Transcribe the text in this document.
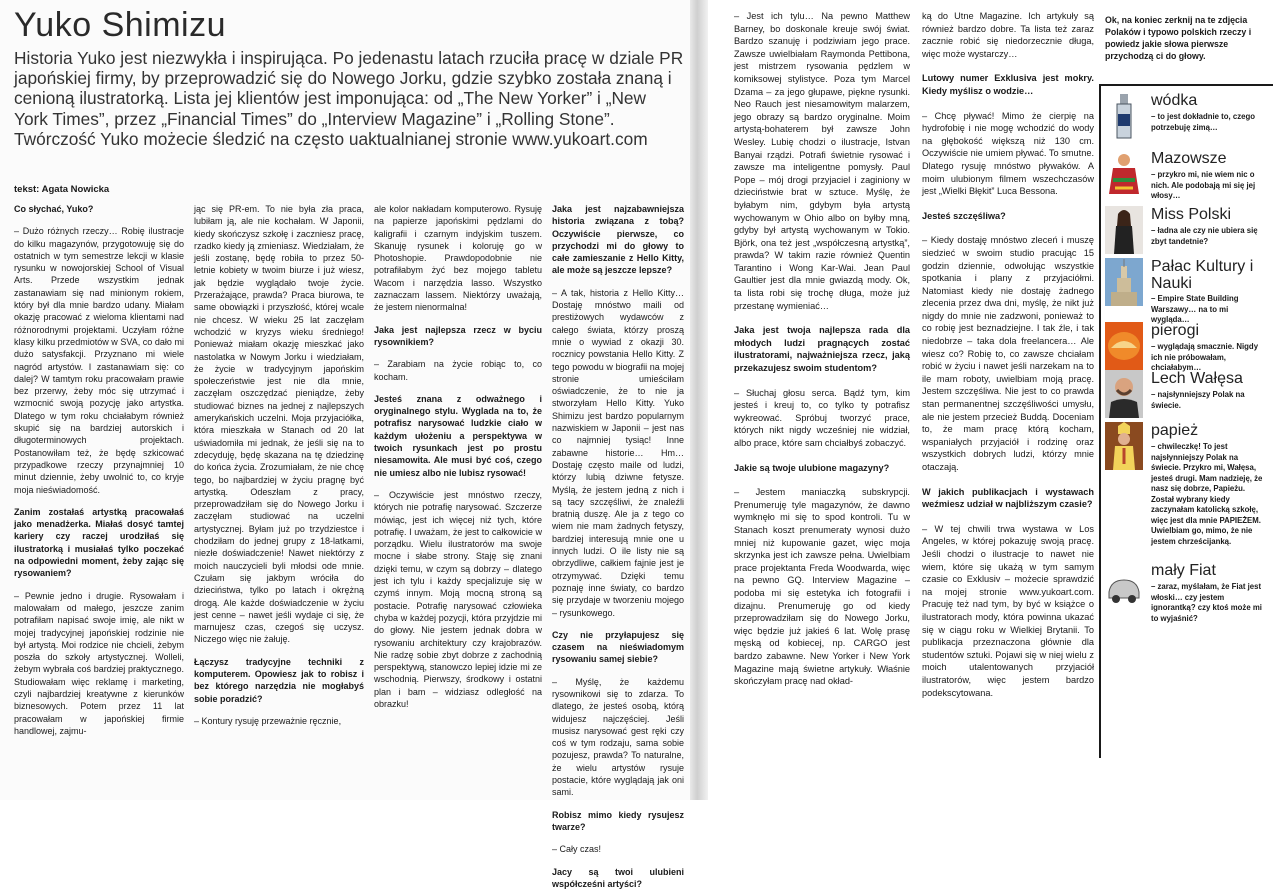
Yuko Shimizu
Historia Yuko jest niezwykła i inspirująca. Po jedenastu latach rzuciła pracę w dziale PR japońskiej firmy, by przeprowadzić się do Nowego Jorku, gdzie szybko została znaną i cenioną ilustratorką. Lista jej klientów jest imponująca: od „The New Yorker” i „New York Times”, przez „Financial Times” do „Interview Magazine” i „Rolling Stone”. Twórczość Yuko możecie śledzić na często uaktualnianej stronie www.yukoart.com
tekst: Agata Nowicka

Co słychać, Yuko?

– Dużo różnych rzeczy… Robię ilustracje do kilku magazynów, przygotowuję się do ostatnich w tym semestrze lekcji w klasie rysunku w nowojorskiej School of Visual Arts. Przede wszystkim jednak zastanawiam się nad minionym rokiem, który był dla mnie bardzo udany. Miałam okazję pracować z wieloma klientami nad różnorodnymi projektami. Uczyłam różne klasy kilku przedmiotów w SVA, co dało mi dużo satysfakcji. Przyznano mi wiele nagród artystów. I zastanawiam się: co dalej? W tamtym roku pracowałam prawie bez przerwy, żeby móc się utrzymać i wzmocnić swoją pozycję jako artystka. Dlatego w tym roku chciałabym również skupić się na bardziej autorskich i długoterminowych projektach. Postanowiłam też, że będę szkicować przypadkowe rzeczy przynajmniej 10 minut dziennie, żeby uwolnić to, co kryje moja nieświadomość.

Zanim zostałaś artystką pracowałaś jako menadżerka. Miałaś dosyć tamtej kariery czy raczej urodziłaś się ilustratorką i musiałaś tylko poczekać na odpowiedni moment, żeby zając się rysowaniem?

– Pewnie jedno i drugie. Rysowałam i malowałam od małego, jeszcze zanim potrafiłam napisać swoje imię, ale nikt w mojej tradycyjnej japońskiej rodzinie nie był artystą. Moi rodzice nie chcieli, żebym poszła do szkoły artystycznej. Wolleli, żebym wybrała coś bardziej praktycznego. Studiowałam więc reklamę i marketing, czyli najbardziej kreatywne z kierunków biznesowych. Potem przez 11 lat pracowałam w japońskiej firmie handlowej, zajmu-

jąc się PR-em. To nie była zła praca, lubiłam ją, ale nie kochałam. W Japonii, kiedy skończysz szkołę i zaczniesz pracę, rzadko kiedy ją zmieniasz. Wiedziałam, że jeśli zostanę, będę robiła to przez 50-letnie kobiety w twoim biurze i już wiesz, jak będzie wyglądało twoje życie. Przerażające, prawda? Praca biurowa, te same obowiązki i przyszłość, której wcale nie chcesz. W wieku 25 lat zaczęłam wchodzić w kryzys wieku średniego! Ponieważ miałam okazję mieszkać jako nastolatka w Nowym Jorku i wiedziałam, że życie w tradycyjnym japońskim społeczeństwie jest nie dla mnie, zaczęłam oszczędzać pieniądze, żeby studiować biznes na jednej z najlepszych amerykańskich uczelni. Moja przyjaciółka, która mieszkała w Stanach od 20 lat uświadomiła mi jednak, że jeśli się na to zdecyduję, będę skazana na tę dziedzinę do końca życia. Zrozumiałam, że nie chcę tego, bo najbardziej w życiu pragnę być artystką. Odeszłam z pracy, przeprowadziłam się do Nowego Jorku i zaczęłam studiować na uczelni artystycznej. Byłam już po trzydziestce i chodziłam do jednej grupy z 18-latkami, niezłe doświadczenie! Nawet niektórzy z moich nauczycieli byli młodsi ode mnie. Czułam się jakbym wróciła do dzieciństwa, tylko po latach i okrężną drogą. Ale każde doświadczenie w życiu jest cenne – nawet jeśli wydaje ci się, że marnujesz czas, czegoś się uczysz. Niczego więc nie żałuję.

Łączysz tradycyjne techniki z komputerem. Opowiesz jak to robisz i bez którego narzędzia nie mogłabyś sobie poradzić?

– Kontury rysuję przeważnie ręcznie,

ale kolor nakładam komputerowo. Rysuję na papierze japońskimi pędzlami do kaligrafii i czarnym indyjskim tuszem. Skanuję rysunek i koloruję go w Photoshopie. Prawdopodobnie nie potrafiłabym żyć bez mojego tabletu Wacom i narzędzia lasso. Wszystko zaznaczam lassem. Niektórzy uważają, że jestem nienormalna!

Jaka jest najlepsza rzecz w byciu rysownikiem?

– Zarabiam na życie robiąc to, co kocham.

Jesteś znana z odważnego i oryginalnego stylu. Wyglada na to, że potrafisz narysować ludzkie ciało w każdym ułożeniu a perspektywa w twoich rysunkach jest po prostu niesamowita. Ale musi być coś, czego nie umiesz albo nie lubisz rysować!

– Oczywiście jest mnóstwo rzeczy, których nie potrafię narysować. Szczerze mówiąc, jest ich więcej niż tych, które potrafię. I uważam, że jest to całkowicie w porządku. Wielu ilustratorów ma swoje mocne i słabe strony. Staję się znani dzięki temu, w czym są dobrzy – dlatego jest ich tylu i każdy specjalizuje się w czymś innym. Moją mocną stroną są postacie. Potrafię narysować człowieka chyba w każdej pozycji, która przyjdzie mi do głowy. Nie jestem jednak dobra w rysowaniu architektury czy krajobrazów. Nie radzę sobie zbyt dobrze z zachodnią perspektywą, stanowczo lepiej idzie mi ze wschodnią. Pierwszy, środkowy i ostatni plan i bam – widziasz odległość na obrazku!

Jaka jest najzabawniejsza historia związana z tobą? Oczywiście pierwsze, co przychodzi mi do głowy to całe zamieszanie z Hello Kitty, ale może są jeszcze lepsze?

– A tak, historia z Hello Kitty… Dostaję mnóstwo maili od prestiżowych wydawców z całego świata, którzy proszą mnie o wywiad z okazji 30. rocznicy powstania Hello Kitty. Z tego powodu w biografii na mojej stronie umieściłam oświadczenie, że to nie ja stworzyłam Hello Kitty. Yuko Shimizu jest bardzo popularnym nazwiskiem w Japonii – jest nas co najmniej tysiąc! Inne zabawne historie… Hm… Dostaję często maile od ludzi, którzy lubią dziwne fetysze. Myślą, że jestem jedną z nich i są tacy szczęśliwi, że znaleźli bratnią duszę. Ale ja z tego co wiem nie mam żadnych fetyszy, bardziej interesują mnie one u innych ludzi. O ile listy nie są obrzydliwe, całkiem fajnie jest je otrzymywać. Dzięki temu poznaję inne światy, co bardzo się przydaje w tworzeniu mojego – rysunkowego.

Czy nie przyłapujesz się czasem na nieświadomym rysowaniu samej siebie?

– Myślę, że każdemu rysownikowi się to zdarza. To dlatego, że jesteś osobą, którą widujesz najczęściej. Jeśli musisz narysować gest ręki czy coś w tym rodzaju, sama sobie pozujesz, prawda? To naturalne, że wielu artystów rysuje postacie, które wyglądają jak oni sami.

Robisz mimo kiedy rysujesz twarze?

– Cały czas!

Jacy są twoi ulubieni współcześni artyści?

– Jest ich tylu… Na pewno Matthew Barney, bo doskonale kreuje swój świat. Bardzo szanuję i podziwiam jego prace. Zawsze uwielbiałam Raymonda Pettibona, jest mistrzem rysowania pędzlem w komiksowej stylistyce. Poza tym Marcel Dzama – za jego głupawe, piękne rysunki. Neo Rauch jest niesamowitym malarzem, jego obrazy są bardzo oryginalne. Moim artystą-bohaterem był zawsze John Wesley. Lubię chodzi o ilustracje, Istvan Banyai rządzi. Potrafi świetnie rysować i zawsze ma inteligentne pomysły. Paul Pope – mój drogi przyjaciel i zaginiony w dzieciństwie brat w sztuce. Myślę, że byłabym nim, gdybym była artystą wychowanym w Ohio albo on byłby mną, gdyby był artystą wychowanym w Tokio. Björk, ona też jest „współczesną artystką”, prawda? W takim razie również Quentin Tarantino i Wong Kar-Wai. Jean Paul Gaultier jest dla mnie gwiazdą mody. Ok, ta lista robi się trochę długa, może już przestanę wymieniać…

Jaka jest twoja najlepsza rada dla młodych ludzi pragnących zostać ilustratorami, najważniejsza rzecz, jaką przekazujesz swoim studentom?

– Słuchaj głosu serca. Bądź tym, kim jesteś i kreuj to, co tylko ty potrafisz wykreować. Spróbuj tworzyć prace, których nikt nigdy wcześniej nie widział, albo prace, które sam chciałbyś zobaczyć.

Jakie są twoje ulubione magazyny?

– Jestem maniaczką subskrypcji. Prenumeruję tyle magazynów, że dawno wymknęło mi się to spod kontroli. Tu w Stanach koszt prenumeraty wynosi dużo mniej niż kupowanie gazet, więc moja skrzynka jest ich zawsze pełna. Uwielbiam prace projektanta Freda Woodwarda, więc na pewno GQ. Interview Magazine – podoba mi się estetyka ich fotografii i dizajnu. Prenumeruję go od kiedy przeprowadziłam się do Nowego Jorku, więc będzie już jakieś 6 lat. Wolę prasę męską od kobiecej, np. CARGO jest bardzo zabawne. New Yorker i New York Magazine mają świetne artykuły. Właśnie skończyłam pracę nad okład-

ką do Utne Magazine. Ich artykuły są również bardzo dobre. Ta lista też zaraz zacznie robić się niedorzecznie długa, więc może wystarczy…

Lutowy numer Exklusiva jest mokry. Kiedy myślisz o wodzie…

– Chcę pływać! Mimo że cierpię na hydrofobię i nie mogę wchodzić do wody na głębokość większą niż 130 cm. Oczywiście nie umiem pływać. To smutne. Dlatego rysuję mnóstwo pływaków. A moim ulubionym filmem wszechczasów jest „Wielki Błękit” Luca Bessona.

Jesteś szczęśliwa?

– Kiedy dostaję mnóstwo zleceń i muszę siedzieć w swoim studio pracując 15 godzin dziennie, odwołując wszystkie spotkania i plany z przyjaciółmi. Natomiast kiedy nie dostaję żadnego zlecenia przez dwa dni, myślę, że nikt już nigdy do mnie nie zadzwoni, ponieważ to co robię jest beznadziejne. I tak źle, i tak niedobrze – taka dola freelancera… Ale wiesz co? Robię to, co zawsze chciałam robić w życiu i nawet jeśli narzekam na to ile mam roboty, uwielbiam moją pracę. Jestem szczęśliwa. Nie jest to co prawda stan permanentnej szczęśliwości umysłu, ale nie jestem przecież Buddą. Doceniam to, że mam pracę którą kocham, wspaniałych przyjaciół i rodzinę oraz wszystkich dobrych ludzi, którzy mnie otaczają.

W jakich publikacjach i wystawach weźmiesz udział w najbliższym czasie?

– W tej chwili trwa wystawa w Los Angeles, w której pokazuję swoją pracę. Jeśli chodzi o ilustracje to nawet nie wiem, które się ukażą w tym samym czasie co Exklusiv – możecie sprawdzić na mojej stronie www.yukoart.com. Pracuję też nad tym, by być w książce o ilustratorach mody, która powinna ukazać się w ciągu roku w Wielkiej Brytanii. To publikacja przeznaczona głównie dla studentów sztuki. Pojawi się w niej wielu z moich utalentowanych przyjaciół ilustratorów, więc jestem bardzo podekscytowana.

Ok, na koniec zerknij na te zdjęcia Polaków i typowo polskich rzeczy i powiedz jakie słowa pierwsze przychodzą ci do głowy.
wódka
– to jest dokładnie to, czego potrzebuję zimą…
Mazowsze
– przykro mi, nie wiem nic o nich. Ale podobają mi się jej włosy…
Miss Polski
– ładna ale czy nie ubiera się zbyt tandetnie?
Pałac Kultury i Nauki
– Empire State Building Warszawy… na to mi wygląda…
pierogi
– wyglądają smacznie. Nigdy ich nie próbowałam, chciałabym…
Lech Wałęsa
– najsłynniejszy Polak na świecie.
papież
– chwileczkę! To jest najsłynniejszy Polak na świecie. Przykro mi, Wałęsa, jesteś drugi. Mam nadzieję, że nasz się dobrze, Papieżu. Został wybrany kiedy zaczynałam katolicką szkołę, więc jest dla mnie PAPIEŻEM. Uwielbiam go, mimo, że nie jestem chrześcijanką.
mały Fiat
– zaraz, myślałam, że Fiat jest włoski… czy jestem ignorantką? czy ktoś może mi to wyjaśnić?
